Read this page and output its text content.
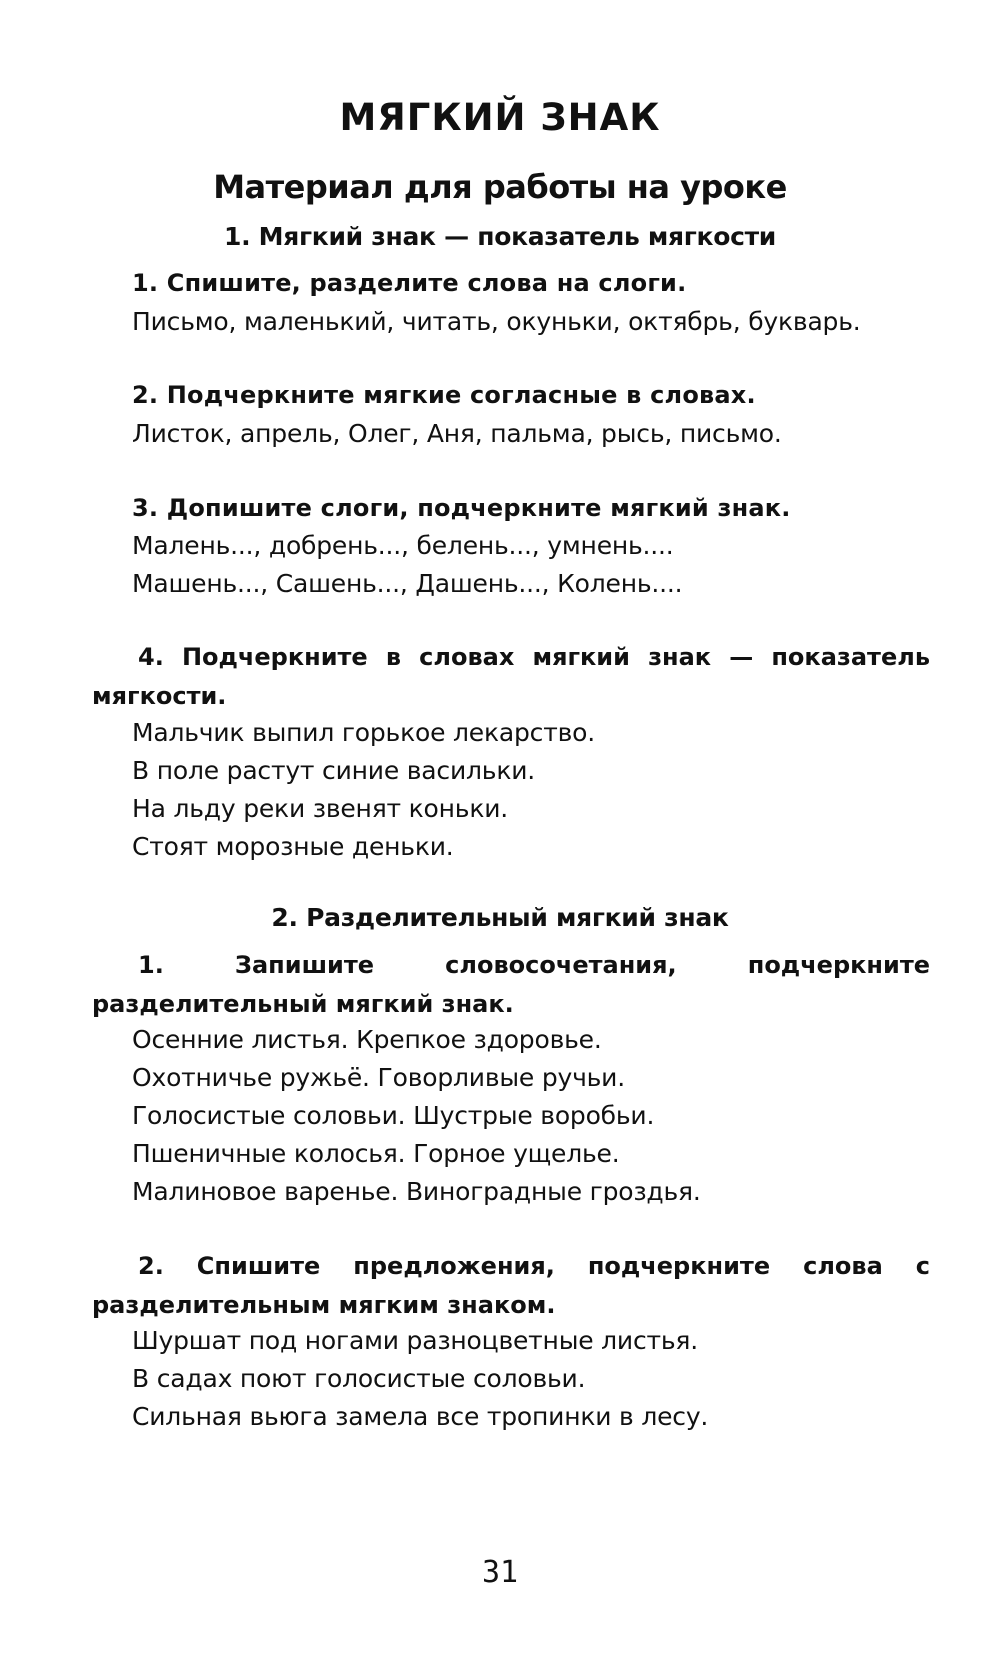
МЯГКИЙ ЗНАК
Материал для работы на уроке
1. Мягкий знак — показатель мягкости
1. Спишите, разделите слова на слоги.
Письмо, маленький, читать, окуньки, октябрь, букварь.
2. Подчеркните мягкие согласные в словах.
Листок, апрель, Олег, Аня, пальма, рысь, письмо.
3. Допишите слоги, подчеркните мягкий знак.
Малень..., добрень..., белень..., умнень....
Машень..., Сашень..., Дашень..., Колень....
4. Подчеркните в словах мягкий знак — показатель мягкости.
Мальчик выпил горькое лекарство.
В поле растут синие васильки.
На льду реки звенят коньки.
Стоят морозные деньки.
2. Разделительный мягкий знак
1. Запишите словосочетания, подчеркните разделительный мягкий знак.
Осенние листья. Крепкое здоровье.
Охотничье ружьё. Говорливые ручьи.
Голосистые соловьи. Шустрые воробьи.
Пшеничные колосья. Горное ущелье.
Малиновое варенье. Виноградные гроздья.
2. Спишите предложения, подчеркните слова с разделительным мягким знаком.
Шуршат под ногами разноцветные листья.
В садах поют голосистые соловьи.
Сильная вьюга замела все тропинки в лесу.
31
